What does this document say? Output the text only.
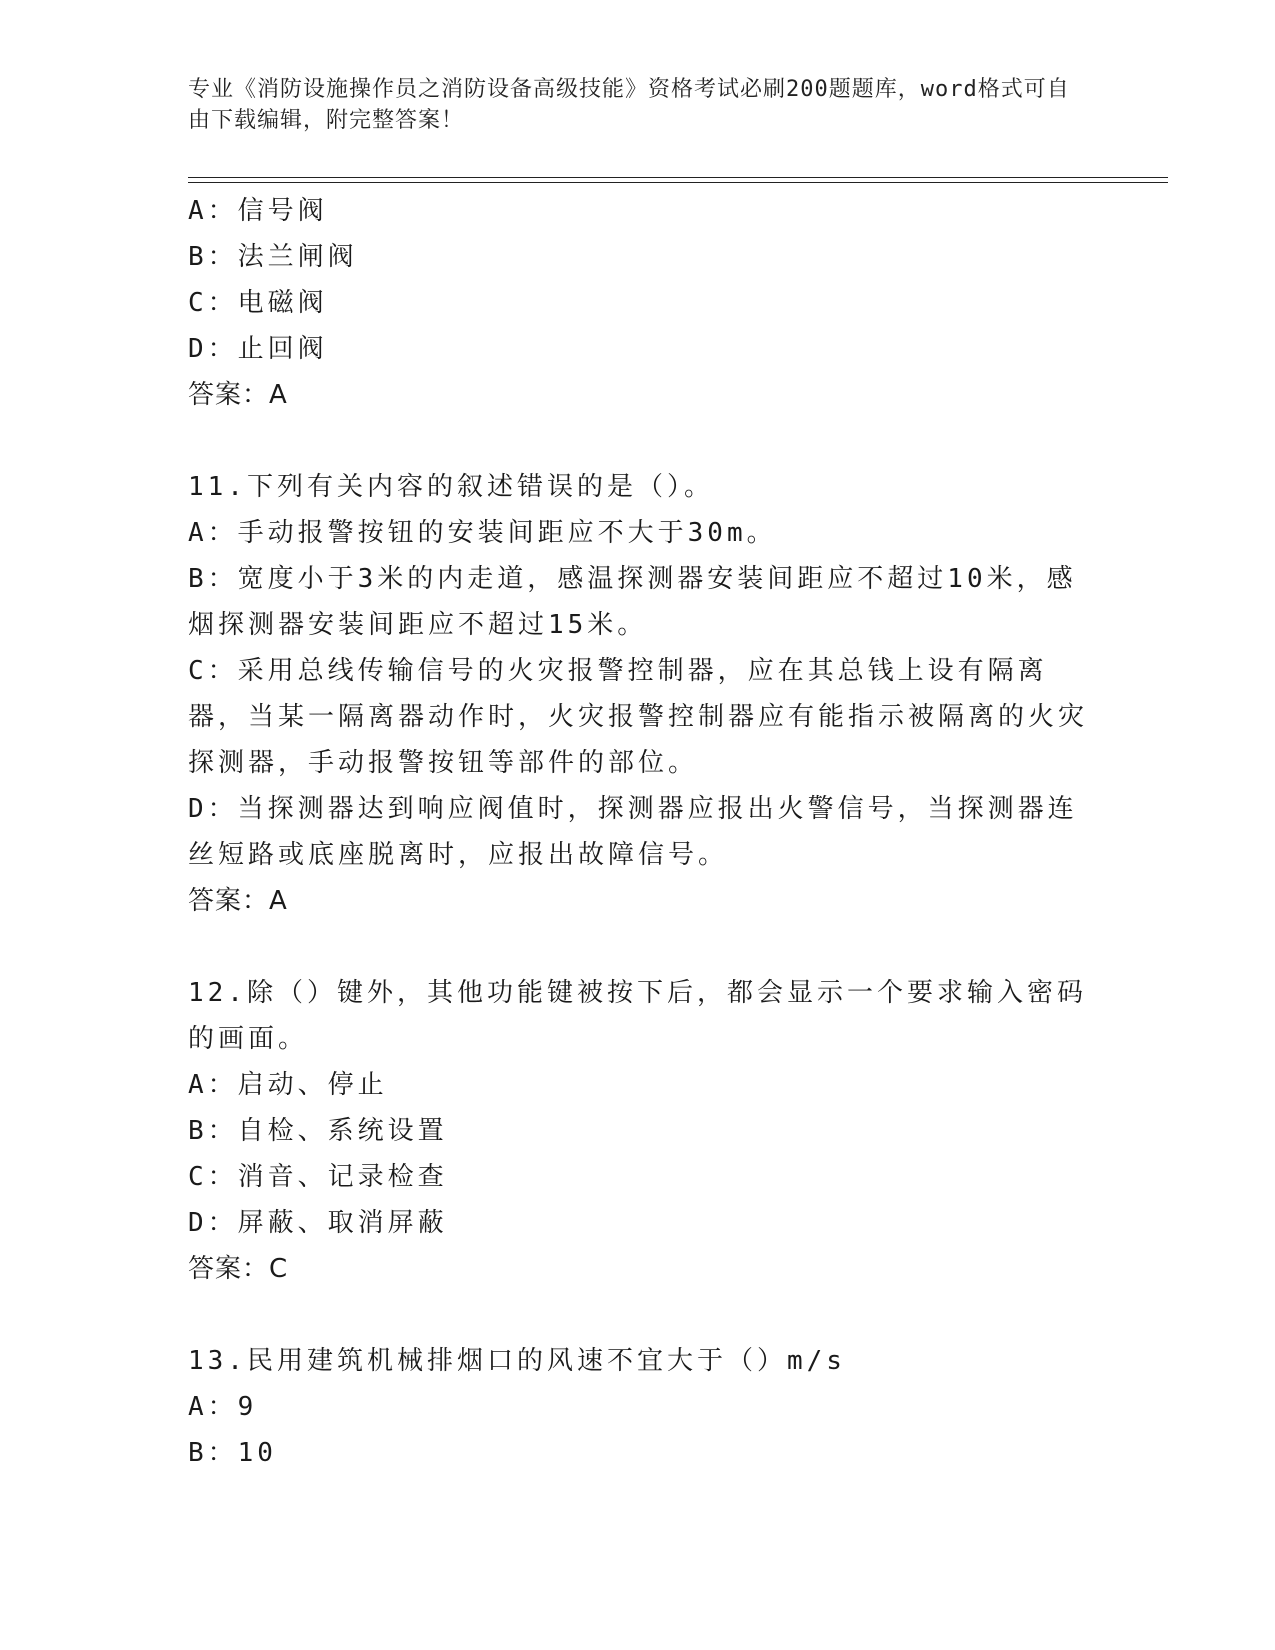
专业《消防设施操作员之消防设备高级技能》资格考试必刷200题题库，word格式可自由下载编辑，附完整答案！

A：信号阀

B：法兰闸阀

C：电磁阀

D：止回阀

答案：A

11.下列有关内容的叙述错误的是（）。

A：手动报警按钮的安装间距应不大于30m。

B：宽度小于3米的内走道，感温探测器安装间距应不超过10米，感烟探测器安装间距应不超过15米。

C：采用总线传输信号的火灾报警控制器，应在其总钱上设有隔离器，当某一隔离器动作时，火灾报警控制器应有能指示被隔离的火灾探测器，手动报警按钮等部件的部位。

D：当探测器达到响应阀值时，探测器应报出火警信号，当探测器连丝短路或底座脱离时，应报出故障信号。

答案：A

12.除（）键外，其他功能键被按下后，都会显示一个要求输入密码的画面。

A：启动、停止

B：自检、系统设置

C：消音、记录检查

D：屏蔽、取消屏蔽

答案：C

13.民用建筑机械排烟口的风速不宜大于（）m/s

A：9

B：10
